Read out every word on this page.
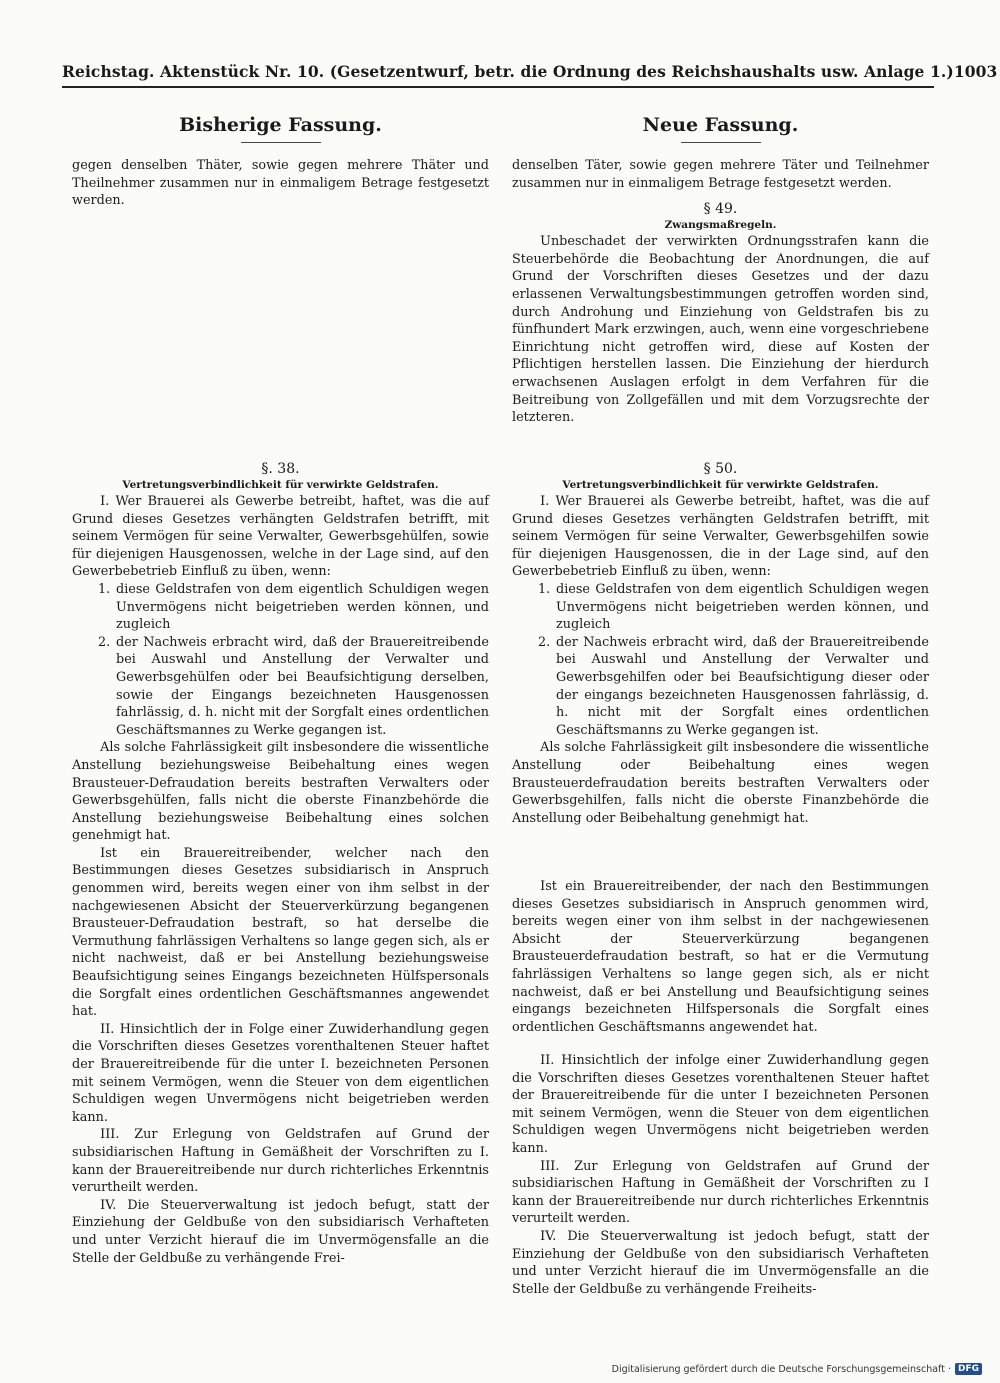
Reichstag. Aktenstück Nr. 10. (Gesetzentwurf, betr. die Ordnung des Reichshaushalts usw. Anlage 1.) 1003
Bisherige Fassung.

gegen denselben Thäter, sowie gegen mehrere Thäter und Theilnehmer zusammen nur in einmaligem Betrage festgesetzt werden.

§. 38.

Vertretungsverbindlichkeit für verwirkte Geldstrafen.

I. Wer Brauerei als Gewerbe betreibt, haftet, was die auf Grund dieses Gesetzes verhängten Geldstrafen betrifft, mit seinem Vermögen für seine Verwalter, Gewerbsgehülfen, sowie für diejenigen Hausgenossen, welche in der Lage sind, auf den Gewerbebetrieb Einfluß zu üben, wenn:

1. diese Geldstrafen von dem eigentlich Schuldigen wegen Unvermögens nicht beigetrieben werden können, und zugleich
2. der Nachweis erbracht wird, daß der Brauereitreibende bei Auswahl und Anstellung der Verwalter und Gewerbsgehülfen oder bei Beaufsichtigung derselben, sowie der Eingangs bezeichneten Hausgenossen fahrlässig, d. h. nicht mit der Sorgfalt eines ordentlichen Geschäftsmannes zu Werke gegangen ist.

Als solche Fahrlässigkeit gilt insbesondere die wissentliche Anstellung beziehungsweise Beibehaltung eines wegen Brausteuer-Defraudation bereits bestraften Verwalters oder Gewerbsgehülfen, falls nicht die oberste Finanzbehörde die Anstellung beziehungsweise Beibehaltung eines solchen genehmigt hat.

Ist ein Brauereitreibender, welcher nach den Bestimmungen dieses Gesetzes subsidiarisch in Anspruch genommen wird, bereits wegen einer von ihm selbst in der nachgewiesenen Absicht der Steuerverkürzung begangenen Brausteuer-Defraudation bestraft, so hat derselbe die Vermuthung fahrlässigen Verhaltens so lange gegen sich, als er nicht nachweist, daß er bei Anstellung beziehungsweise Beaufsichtigung seines Eingangs bezeichneten Hülfspersonals die Sorgfalt eines ordentlichen Geschäftsmannes angewendet hat.

II. Hinsichtlich der in Folge einer Zuwiderhandlung gegen die Vorschriften dieses Gesetzes vorenthaltenen Steuer haftet der Brauereitreibende für die unter I. bezeichneten Personen mit seinem Vermögen, wenn die Steuer von dem eigentlichen Schuldigen wegen Unvermögens nicht beigetrieben werden kann.

III. Zur Erlegung von Geldstrafen auf Grund der subsidiarischen Haftung in Gemäßheit der Vorschriften zu I. kann der Brauereitreibende nur durch richterliches Erkenntnis verurtheilt werden.

IV. Die Steuerverwaltung ist jedoch befugt, statt der Einziehung der Geldbuße von den subsidiarisch Verhafteten und unter Verzicht hierauf die im Unvermögensfalle an die Stelle der Geldbuße zu verhängende Frei-

Neue Fassung.

denselben Täter, sowie gegen mehrere Täter und Teilnehmer zusammen nur in einmaligem Betrage festgesetzt werden.

§ 49.

Zwangsmaßregeln.

Unbeschadet der verwirkten Ordnungsstrafen kann die Steuerbehörde die Beobachtung der Anordnungen, die auf Grund der Vorschriften dieses Gesetzes und der dazu erlassenen Verwaltungsbestimmungen getroffen worden sind, durch Androhung und Einziehung von Geldstrafen bis zu fünfhundert Mark erzwingen, auch, wenn eine vorgeschriebene Einrichtung nicht getroffen wird, diese auf Kosten der Pflichtigen herstellen lassen. Die Einziehung der hierdurch erwachsenen Auslagen erfolgt in dem Verfahren für die Beitreibung von Zollgefällen und mit dem Vorzugsrechte der letzteren.

§ 50.

Vertretungsverbindlichkeit für verwirkte Geldstrafen.

I. Wer Brauerei als Gewerbe betreibt, haftet, was die auf Grund dieses Gesetzes verhängten Geldstrafen betrifft, mit seinem Vermögen für seine Verwalter, Gewerbsgehilfen sowie für diejenigen Hausgenossen, die in der Lage sind, auf den Gewerbebetrieb Einfluß zu üben, wenn:

1. diese Geldstrafen von dem eigentlich Schuldigen wegen Unvermögens nicht beigetrieben werden können, und zugleich
2. der Nachweis erbracht wird, daß der Brauereitreibende bei Auswahl und Anstellung der Verwalter und Gewerbsgehilfen oder bei Beaufsichtigung dieser oder der eingangs bezeichneten Hausgenossen fahrlässig, d. h. nicht mit der Sorgfalt eines ordentlichen Geschäftsmanns zu Werke gegangen ist.

Als solche Fahrlässigkeit gilt insbesondere die wissentliche Anstellung oder Beibehaltung eines wegen Brausteuerdefraudation bereits bestraften Verwalters oder Gewerbsgehilfen, falls nicht die oberste Finanzbehörde die Anstellung oder Beibehaltung genehmigt hat.

Ist ein Brauereitreibender, der nach den Bestimmungen dieses Gesetzes subsidiarisch in Anspruch genommen wird, bereits wegen einer von ihm selbst in der nachgewiesenen Absicht der Steuerverkürzung begangenen Brausteuerdefraudation bestraft, so hat er die Vermutung fahrlässigen Verhaltens so lange gegen sich, als er nicht nachweist, daß er bei Anstellung und Beaufsichtigung seines eingangs bezeichneten Hilfspersonals die Sorgfalt eines ordentlichen Geschäftsmanns angewendet hat.

II. Hinsichtlich der infolge einer Zuwiderhandlung gegen die Vorschriften dieses Gesetzes vorenthaltenen Steuer haftet der Brauereitreibende für die unter I bezeichneten Personen mit seinem Vermögen, wenn die Steuer von dem eigentlichen Schuldigen wegen Unvermögens nicht beigetrieben werden kann.

III. Zur Erlegung von Geldstrafen auf Grund der subsidiarischen Haftung in Gemäßheit der Vorschriften zu I kann der Brauereitreibende nur durch richterliches Erkenntnis verurteilt werden.

IV. Die Steuerverwaltung ist jedoch befugt, statt der Einziehung der Geldbuße von den subsidiarisch Verhafteten und unter Verzicht hierauf die im Unvermögensfalle an die Stelle der Geldbuße zu verhängende Freiheits-

Digitalisierung gefördert durch die Deutsche Forschungsgemeinschaft · DFG
